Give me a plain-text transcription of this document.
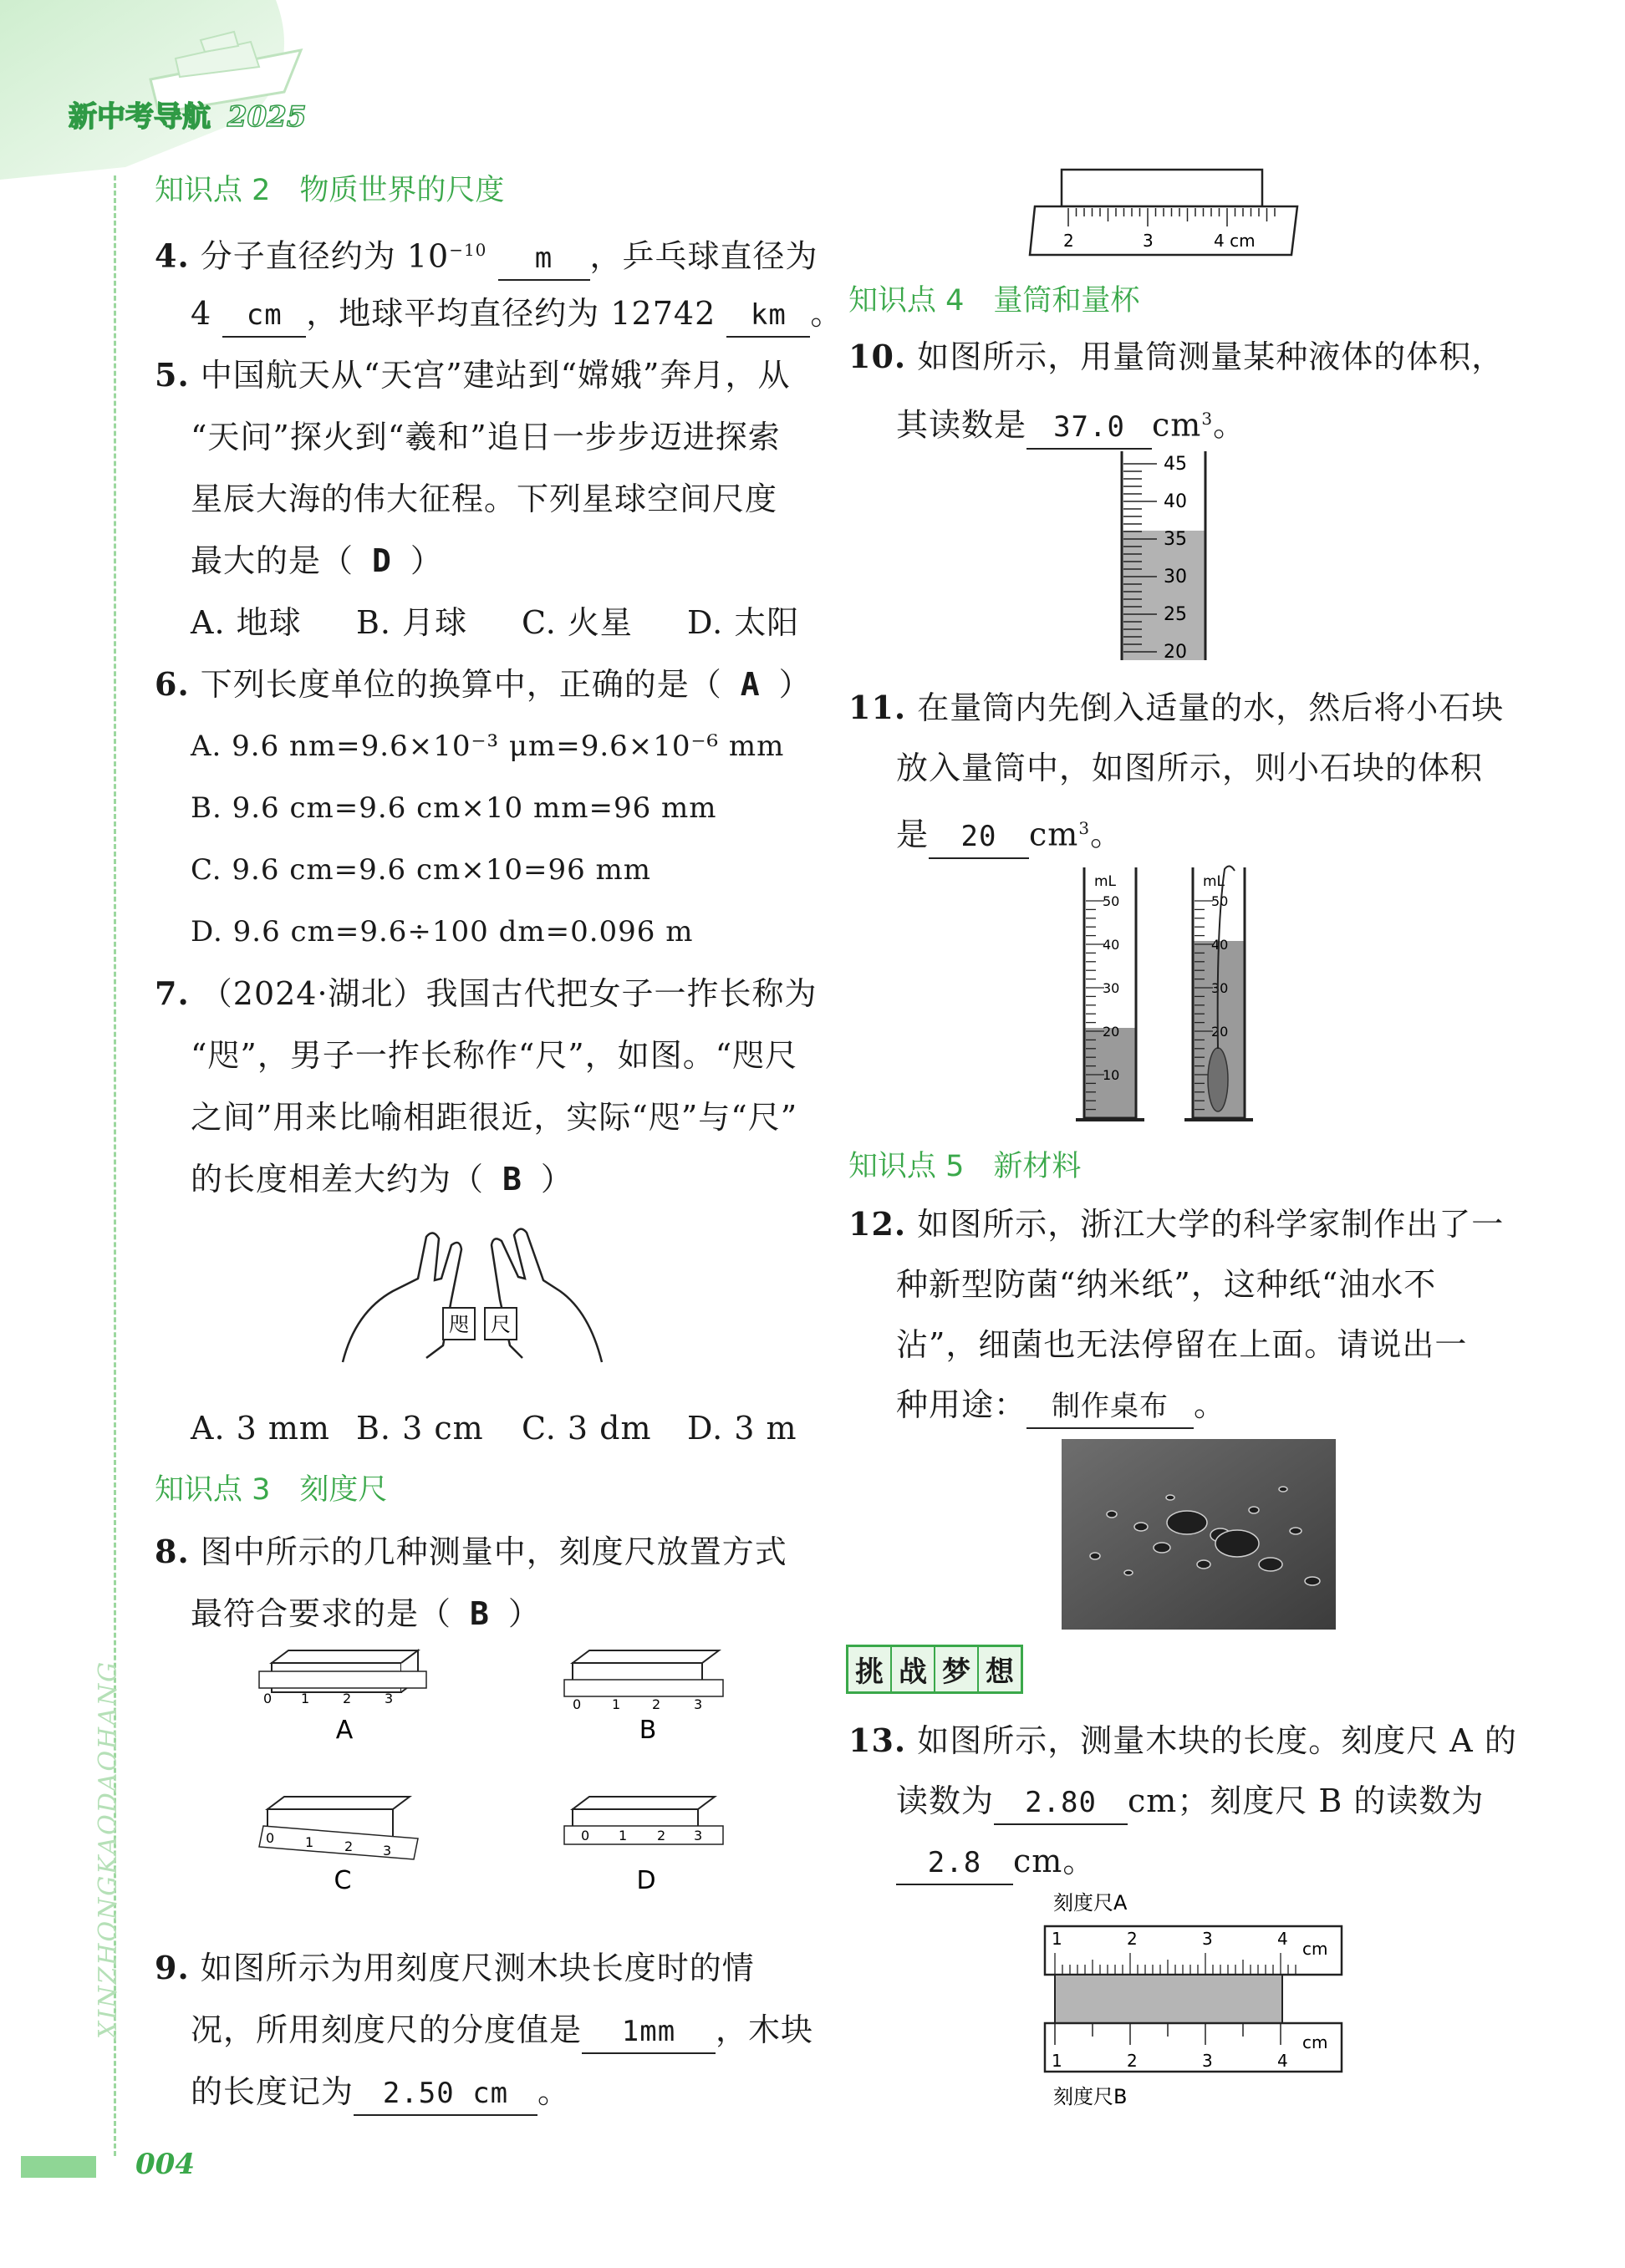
新中考导航 2025
XINZHONGKAODAOHANG
004
知识点 2　物质世界的尺度
4. 分子直径约为 $10^{-10}$ m ，乒乓球直径为
4 cm ，地球平均直径约为 12742 km 。
5. 中国航天从“天宫”建站到“嫦娥”奔月，从
“天问”探火到“羲和”追日一步步迈进探索
星辰大海的伟大征程。下列星球空间尺度
最大的是（ D ）
A. 地球 B. 月球 C. 火星 D. 太阳
6. 下列长度单位的换算中，正确的是（ A ）
A. 9.6 nm=9.6×10⁻³ μm=9.6×10⁻⁶ mm
B. 9.6 cm=9.6 cm×10 mm=96 mm
C. 9.6 cm=9.6 cm×10=96 mm
D. 9.6 cm=9.6÷100 dm=0.096 m
7. （2024·湖北）我国古代把女子一拃长称为
“咫”，男子一拃长称作“尺”，如图。“咫尺
之间”用来比喻相距很近，实际“咫”与“尺”
的长度相差大约为（ B ）
咫 尺
A. 3 mm B. 3 cm C. 3 dm D. 3 m
知识点 3　刻度尺
8. 图中所示的几种测量中，刻度尺放置方式
最符合要求的是（ B ）
0 1 2 3
A
0 1 2 3
B
0 1 2 3
C
0 1 2 3
D
9. 如图所示为用刻度尺测木块长度时的情
况，所用刻度尺的分度值是 1mm ，木块
的长度记为 2.50 cm 。
2	3	4 cm
知识点 4　量筒和量杯
10. 如图所示，用量筒测量某种液体的体积，
其读数是 37.0 $cm^3$。
45
40
35
30
25
20
11. 在量筒内先倒入适量的水，然后将小石块
放入量筒中，如图所示，则小石块的体积
是 20 $cm^3$。
mL
50
40
30
20
10
mL
50
40
30
20
知识点 5　新材料
12. 如图所示，浙江大学的科学家制作出了一
种新型防菌“纳米纸”，这种纸“油水不
沾”，细菌也无法停留在上面。请说出一
种用途： 制作桌布 。
挑 战 梦 想
13. 如图所示，测量木块的长度。刻度尺 A 的
读数为 2.80 cm；刻度尺 B 的读数为
2.8 cm。
刻度尺A
1	2	3	4 cm
1	2	3	4
cm
刻度尺B
